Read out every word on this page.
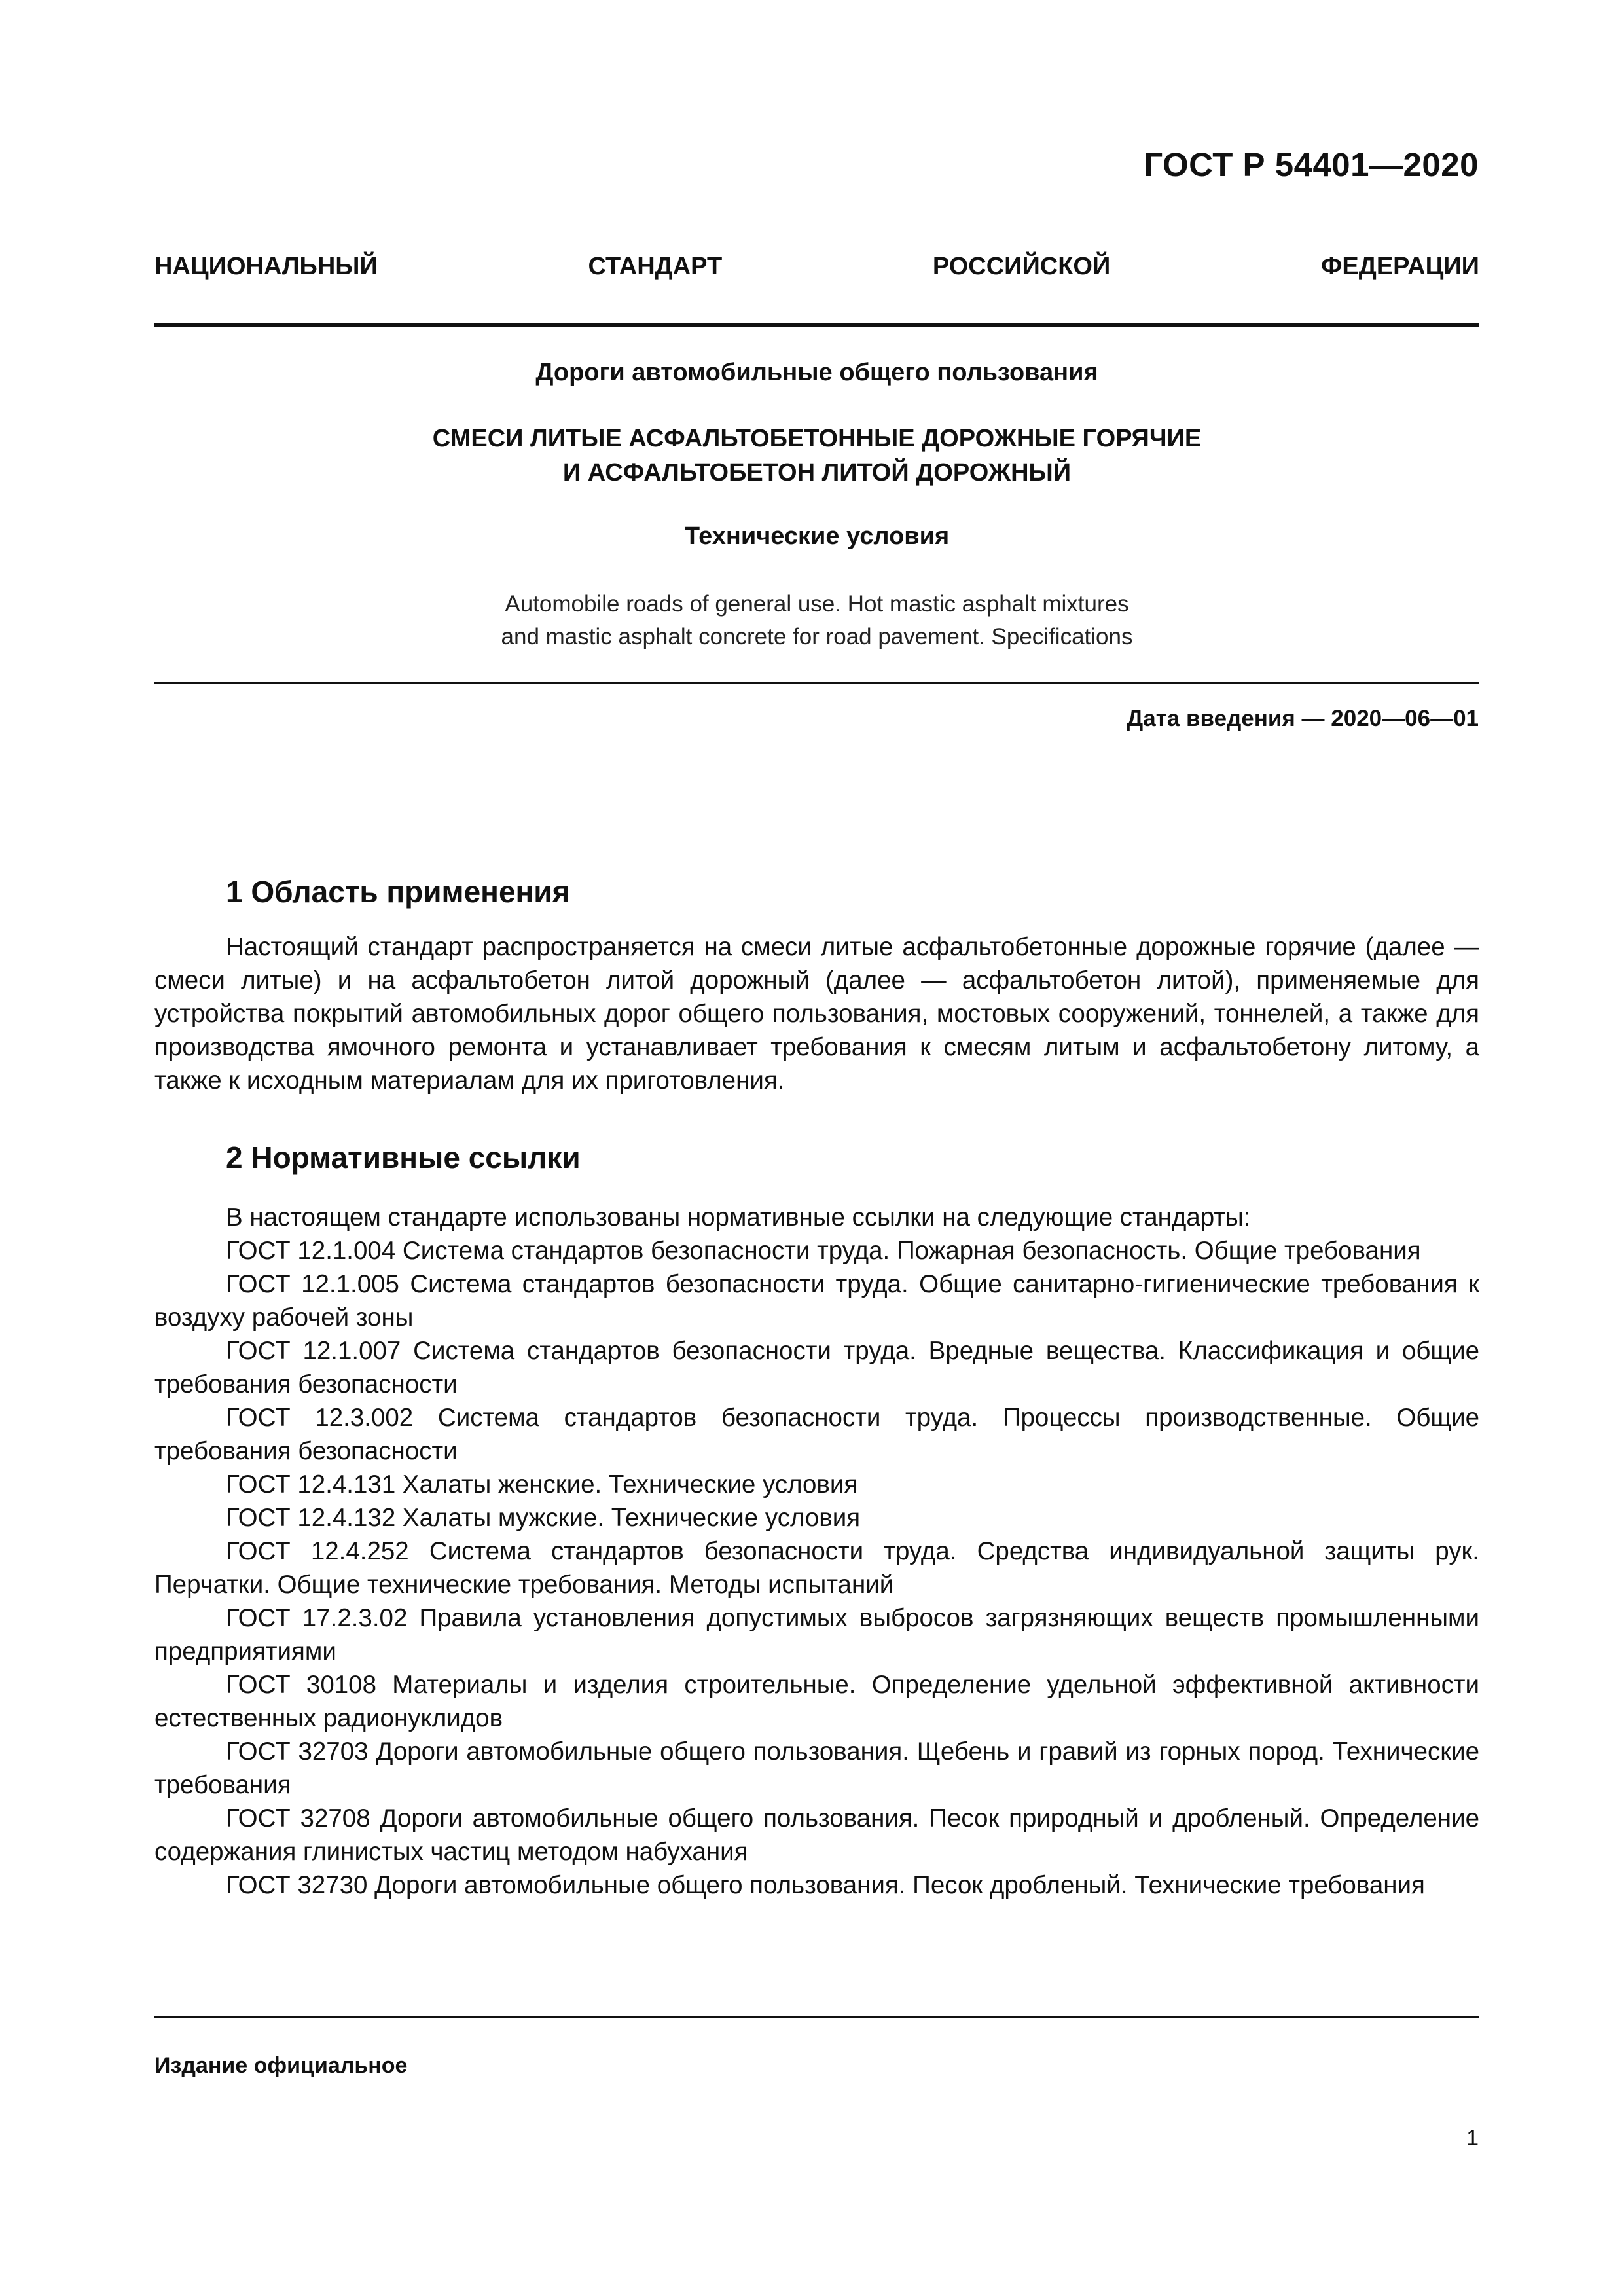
ГОСТ Р 54401—2020
НАЦИОНАЛЬНЫЙ СТАНДАРТ РОССИЙСКОЙ ФЕДЕРАЦИИ
Дороги автомобильные общего пользования
СМЕСИ ЛИТЫЕ АСФАЛЬТОБЕТОННЫЕ ДОРОЖНЫЕ ГОРЯЧИЕ
И АСФАЛЬТОБЕТОН ЛИТОЙ ДОРОЖНЫЙ
Технические условия
Automobile roads of general use. Hot mastic asphalt mixtures
and mastic asphalt concrete for road pavement. Specifications
Дата введения — 2020—06—01
1 Область применения

Настоящий стандарт распространяется на смеси литые асфальтобетонные дорожные горячие (далее — смеси литые) и на асфальтобетон литой дорожный (далее — асфальтобетон литой), применяемые для устройства покрытий автомобильных дорог общего пользования, мостовых сооружений, тоннелей, а также для производства ямочного ремонта и устанавливает требования к смесям литым и асфальтобетону литому, а также к исходным материалам для их приготовления.

2 Нормативные ссылки

В настоящем стандарте использованы нормативные ссылки на следующие стандарты:

ГОСТ 12.1.004 Система стандартов безопасности труда. Пожарная безопасность. Общие требования

ГОСТ 12.1.005 Система стандартов безопасности труда. Общие санитарно-гигиенические требования к воздуху рабочей зоны

ГОСТ 12.1.007 Система стандартов безопасности труда. Вредные вещества. Классификация и общие требования безопасности

ГОСТ 12.3.002 Система стандартов безопасности труда. Процессы производственные. Общие требования безопасности

ГОСТ 12.4.131 Халаты женские. Технические условия

ГОСТ 12.4.132 Халаты мужские. Технические условия

ГОСТ 12.4.252 Система стандартов безопасности труда. Средства индивидуальной защиты рук. Перчатки. Общие технические требования. Методы испытаний

ГОСТ 17.2.3.02 Правила установления допустимых выбросов загрязняющих веществ промышленными предприятиями

ГОСТ 30108 Материалы и изделия строительные. Определение удельной эффективной активности естественных радионуклидов

ГОСТ 32703 Дороги автомобильные общего пользования. Щебень и гравий из горных пород. Технические требования

ГОСТ 32708 Дороги автомобильные общего пользования. Песок природный и дробленый. Определение содержания глинистых частиц методом набухания

ГОСТ 32730 Дороги автомобильные общего пользования. Песок дробленый. Технические требования

Издание официальное
1
